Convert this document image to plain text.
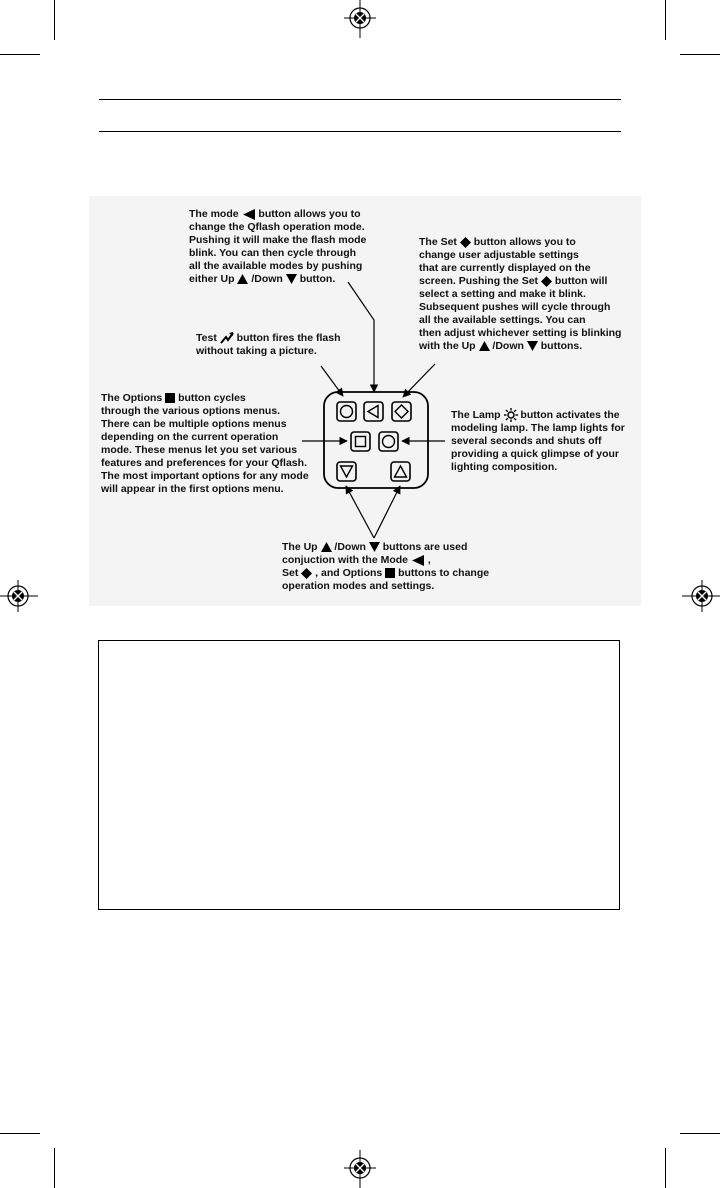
The mode  button allows you to
change the Qflash operation mode.
Pushing it will make the flash mode
blink. You can then cycle through
all the available modes by pushing
either Up  /Down  button.
The Set  button allows you to
change user adjustable settings
that are currently displayed on the
screen. Pushing the Set  button will
select a setting and make it blink.
Subsequent pushes will cycle through
all the available settings. You can
then adjust whichever setting is blinking
with the Up  /Down  buttons.
Test  button fires the flash
without taking a picture.
The Options  button cycles
through the various options menus.
There can be multiple options menus
depending on the current operation
mode. These menus let you set various
features and preferences for your Qflash.
The most important options for any mode
will appear in the first options menu.
The Lamp  button activates the
modeling lamp. The lamp lights for
several seconds and shuts off
providing a quick glimpse of your
lighting composition.
The Up  /Down  buttons are used
conjuction with the Mode  ,
Set  , and Options  buttons to change
operation modes and settings.
